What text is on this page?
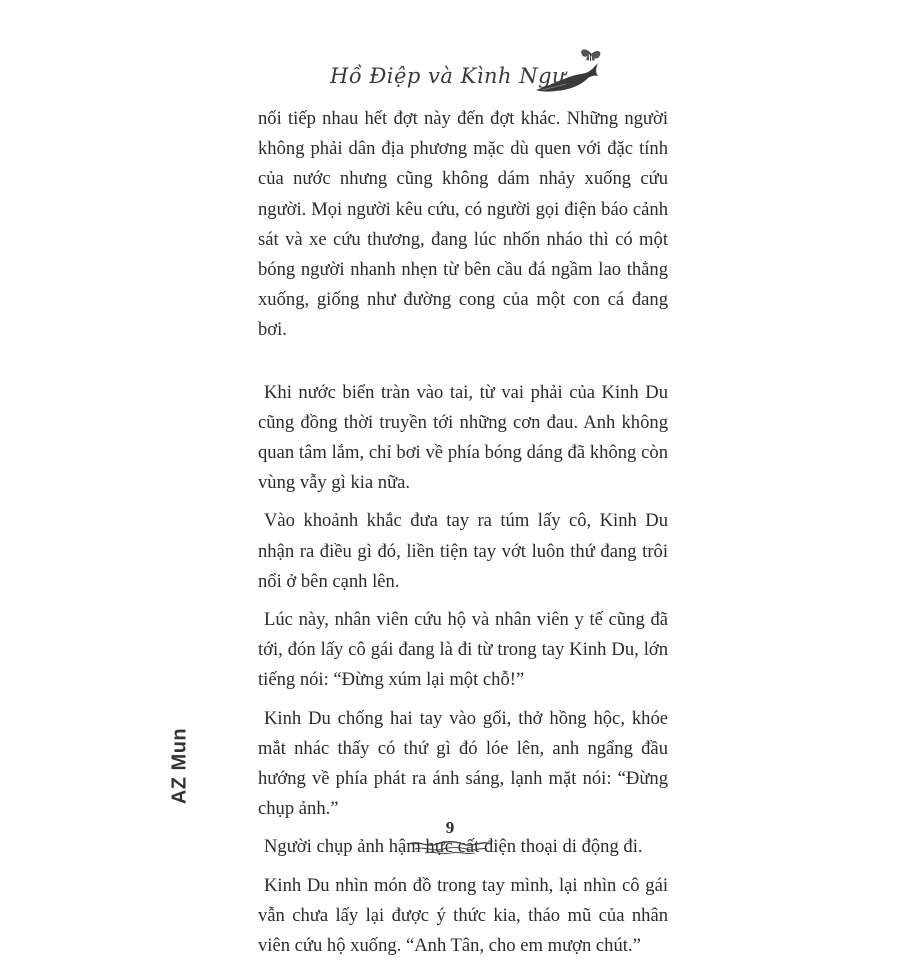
Hồ Điệp và Kình Ngư

nối tiếp nhau hết đợt này đến đợt khác. Những người không phải dân địa phương mặc dù quen với đặc tính của nước nhưng cũng không dám nhảy xuống cứu người. Mọi người kêu cứu, có người gọi điện báo cảnh sát và xe cứu thương, đang lúc nhốn nháo thì có một bóng người nhanh nhẹn từ bên cầu đá ngầm lao thẳng xuống, giống như đường cong của một con cá đang bơi.

Khi nước biển tràn vào tai, từ vai phải của Kinh Du cũng đồng thời truyền tới những cơn đau. Anh không quan tâm lắm, chỉ bơi về phía bóng dáng đã không còn vùng vẫy gì kia nữa.

Vào khoảnh khắc đưa tay ra túm lấy cô, Kinh Du nhận ra điều gì đó, liền tiện tay vớt luôn thứ đang trôi nổi ở bên cạnh lên.

Lúc này, nhân viên cứu hộ và nhân viên y tế cũng đã tới, đón lấy cô gái đang là đi từ trong tay Kinh Du, lớn tiếng nói: “Đừng xúm lại một chỗ!”

Kinh Du chống hai tay vào gối, thở hồng hộc, khóe mắt nhác thấy có thứ gì đó lóe lên, anh ngẩng đầu hướng về phía phát ra ánh sáng, lạnh mặt nói: “Đừng chụp ảnh.”

Người chụp ảnh hậm hực cất điện thoại di động đi.

Kinh Du nhìn món đồ trong tay mình, lại nhìn cô gái vẫn chưa lấy lại được ý thức kia, tháo mũ của nhân viên cứu hộ xuống. “Anh Tân, cho em mượn chút.”

9
AZ Mun
